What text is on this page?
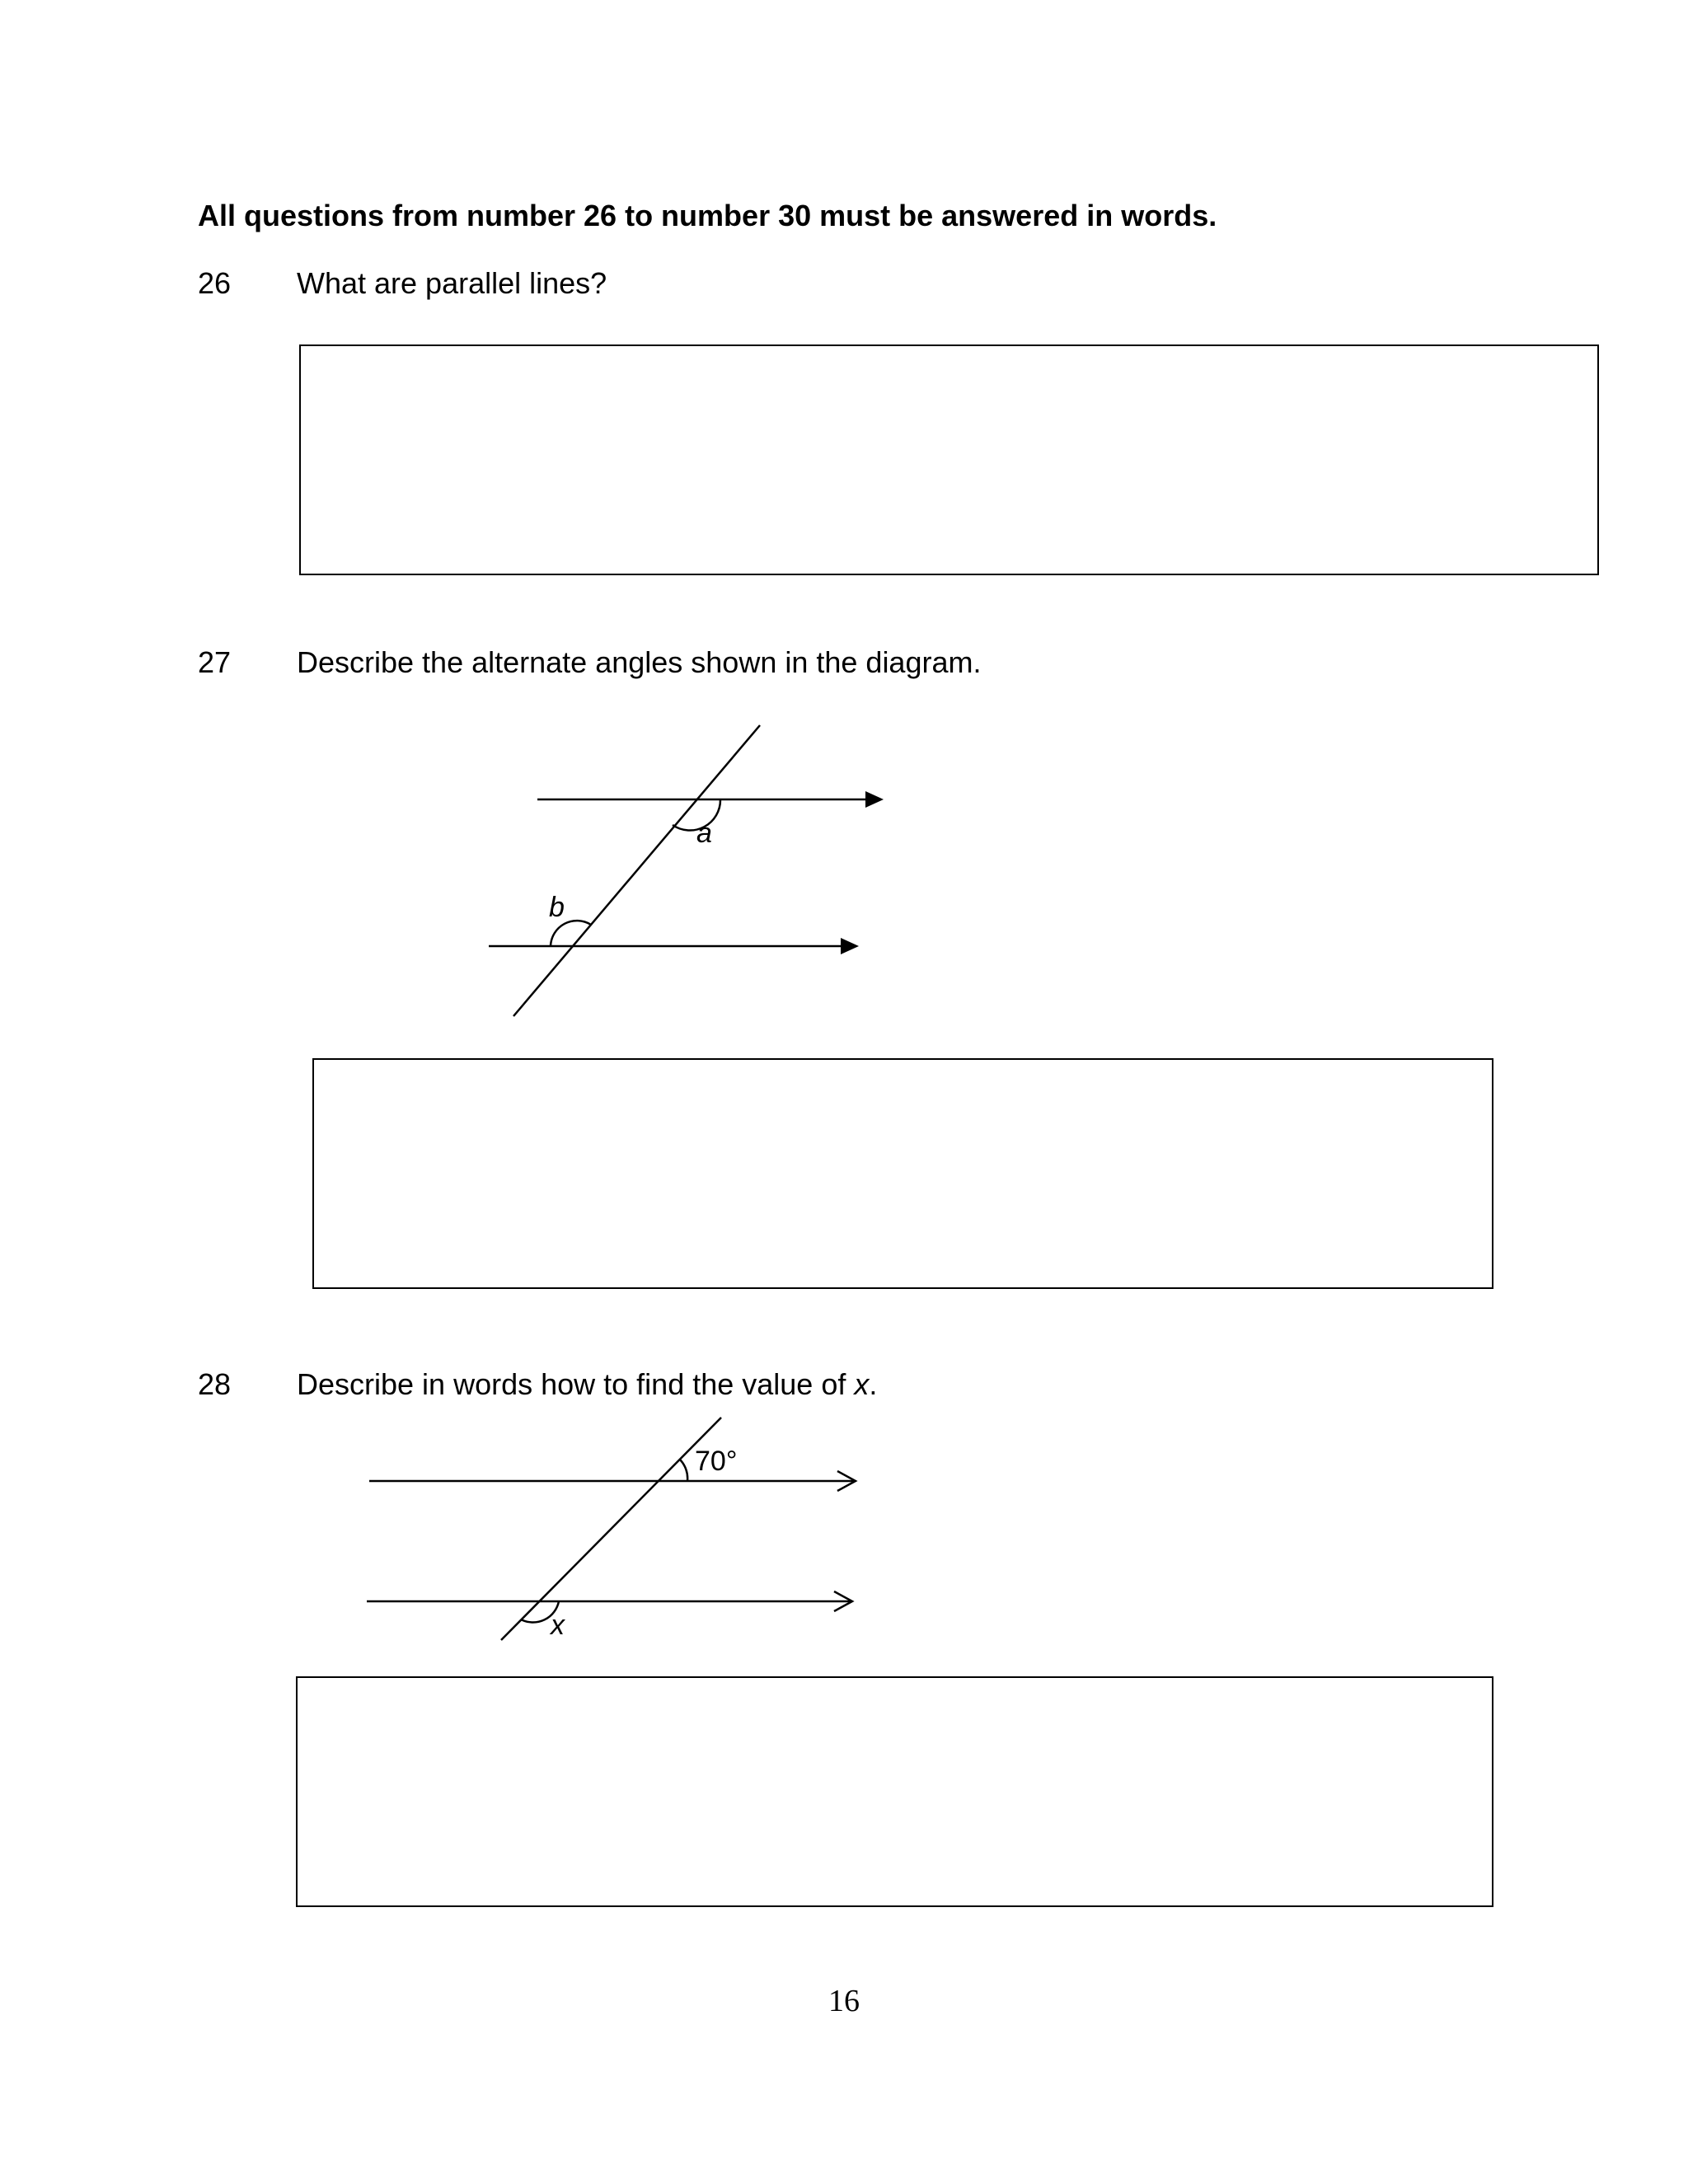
All questions from number 26 to number 30 must be answered in words.
26 What are parallel lines?
27 Describe the alternate angles shown in the diagram.
a
b
28 Describe in words how to find the value of x.
70°
x
16
